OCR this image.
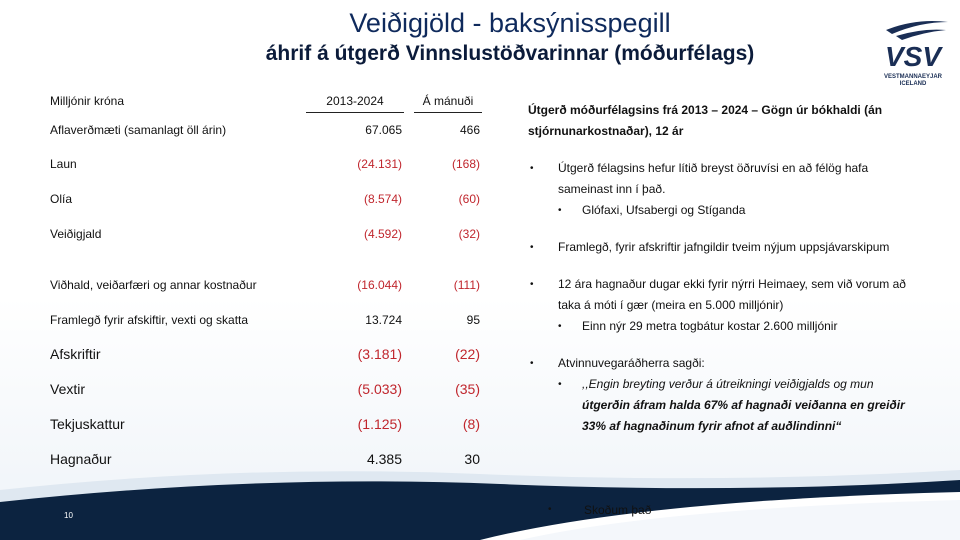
Veiðigjöld - baksýnisspegill
áhrif á útgerð Vinnslustöðvarinnar (móðurfélags)	VSV
VESTMANNAEYJAR
ICELAND
Milljónir króna	2013-2024		Á mánuði
Aflaverðmæti (samanlagt öll árin)	67.065		466
Laun	(24.131)		(168)
Olía	(8.574)		(60)
Veiðigjald	(4.592)		(32)

Viðhald, veiðarfæri og annar kostnaður	(16.044)		(111)
Framlegð fyrir afskiftir, vexti og skatta	13.724		95
Afskriftir	(3.181)		(22)
Vextir	(5.033)		(35)
Tekjuskattur	(1.125)		(8)
Hagnaður	4.385		30

Útgerð móðurfélagsins frá 2013 – 2024 – Gögn úr bókhaldi (án stjórnunarkostnaðar), 12 ár

• Útgerð félagsins hefur lítið breyst öðruvísi en að félög hafa sameinast inn í það.
• Glófaxi, Ufsabergi og Stíganda
• Framlegð, fyrir afskriftir jafngildir tveim nýjum uppsjávarskipum
• 12 ára hagnaður dugar ekki fyrir nýrri Heimaey, sem við vorum að taka á móti í gær (meira en 5.000 milljónir)
• Einn nýr 29 metra togbátur kostar 2.600 milljónir
• Atvinnuvegaráðherra sagði:
• ,,Engin breyting verður á útreikningi veiðigjalds og mun útgerðin áfram halda 67% af hagnaði veiðanna en greiðir 33% af hagnaðinum fyrir afnot af auðlindinni“
10	• Skoðum það
